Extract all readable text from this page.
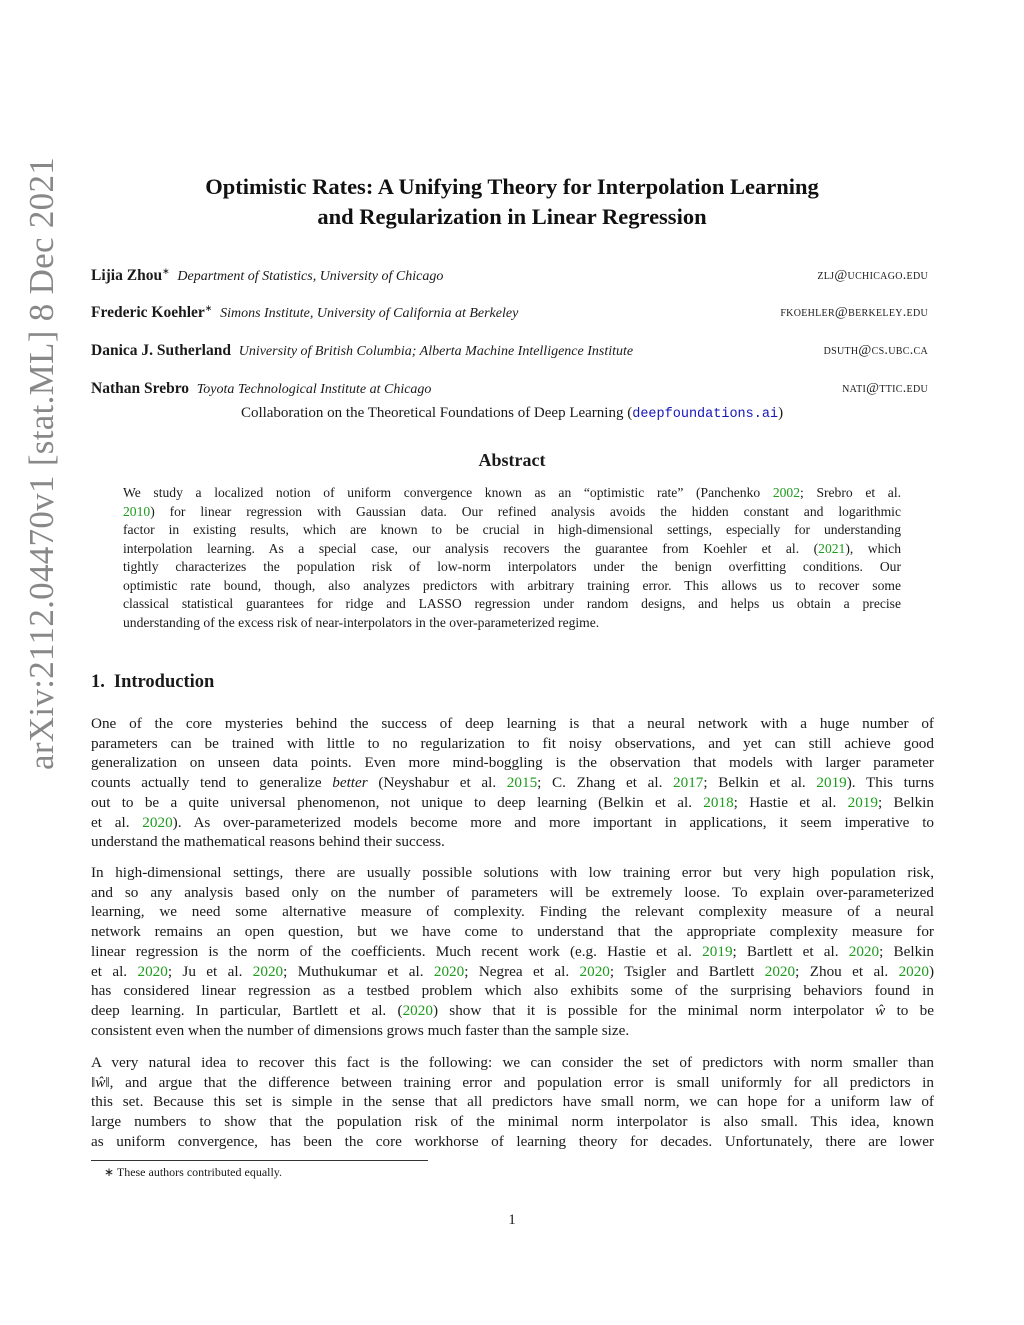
arXiv:2112.04470v1 [stat.ML] 8 Dec 2021	Optimistic Rates: A Unifying Theory for Interpolation Learning
and Regularization in Linear Regression
Lijia Zhou∗ Department of Statistics, University of Chicago	zlj@uchicago.edu
Frederic Koehler∗ Simons Institute, University of California at Berkeley	fkoehler@berkeley.edu
Danica J. Sutherland University of British Columbia; Alberta Machine Intelligence Institute	dsuth@cs.ubc.ca
Nathan Srebro Toyota Technological Institute at Chicago	nati@ttic.edu
Collaboration on the Theoretical Foundations of Deep Learning (deepfoundations.ai)
Abstract
We study a localized notion of uniform convergence known as an “optimistic rate” (Panchenko 2002; Srebro et al.
2010) for linear regression with Gaussian data. Our refined analysis avoids the hidden constant and logarithmic
factor in existing results, which are known to be crucial in high-dimensional settings, especially for understanding
interpolation learning. As a special case, our analysis recovers the guarantee from Koehler et al. (2021), which
tightly characterizes the population risk of low-norm interpolators under the benign overfitting conditions. Our
optimistic rate bound, though, also analyzes predictors with arbitrary training error. This allows us to recover some
classical statistical guarantees for ridge and LASSO regression under random designs, and helps us obtain a precise
understanding of the excess risk of near-interpolators in the over-parameterized regime.
1. Introduction
One of the core mysteries behind the success of deep learning is that a neural network with a huge number of
parameters can be trained with little to no regularization to fit noisy observations, and yet can still achieve good
generalization on unseen data points. Even more mind-boggling is the observation that models with larger parameter
counts actually tend to generalize better (Neyshabur et al. 2015; C. Zhang et al. 2017; Belkin et al. 2019). This turns
out to be a quite universal phenomenon, not unique to deep learning (Belkin et al. 2018; Hastie et al. 2019; Belkin
et al. 2020). As over-parameterized models become more and more important in applications, it seem imperative to
understand the mathematical reasons behind their success.
In high-dimensional settings, there are usually possible solutions with low training error but very high population risk,
and so any analysis based only on the number of parameters will be extremely loose. To explain over-parameterized
learning, we need some alternative measure of complexity. Finding the relevant complexity measure of a neural
network remains an open question, but we have come to understand that the appropriate complexity measure for
linear regression is the norm of the coefficients. Much recent work (e.g. Hastie et al. 2019; Bartlett et al. 2020; Belkin
et al. 2020; Ju et al. 2020; Muthukumar et al. 2020; Negrea et al. 2020; Tsigler and Bartlett 2020; Zhou et al. 2020)
has considered linear regression as a testbed problem which also exhibits some of the surprising behaviors found in
deep learning. In particular, Bartlett et al. (2020) show that it is possible for the minimal norm interpolator ŵ to be
consistent even when the number of dimensions grows much faster than the sample size.
A very natural idea to recover this fact is the following: we can consider the set of predictors with norm smaller than
‖ŵ‖, and argue that the difference between training error and population error is small uniformly for all predictors in
this set. Because this set is simple in the sense that all predictors have small norm, we can hope for a uniform law of
large numbers to show that the population risk of the minimal norm interpolator is also small. This idea, known
as uniform convergence, has been the core workhorse of learning theory for decades. Unfortunately, there are lower
∗ These authors contributed equally.
1
